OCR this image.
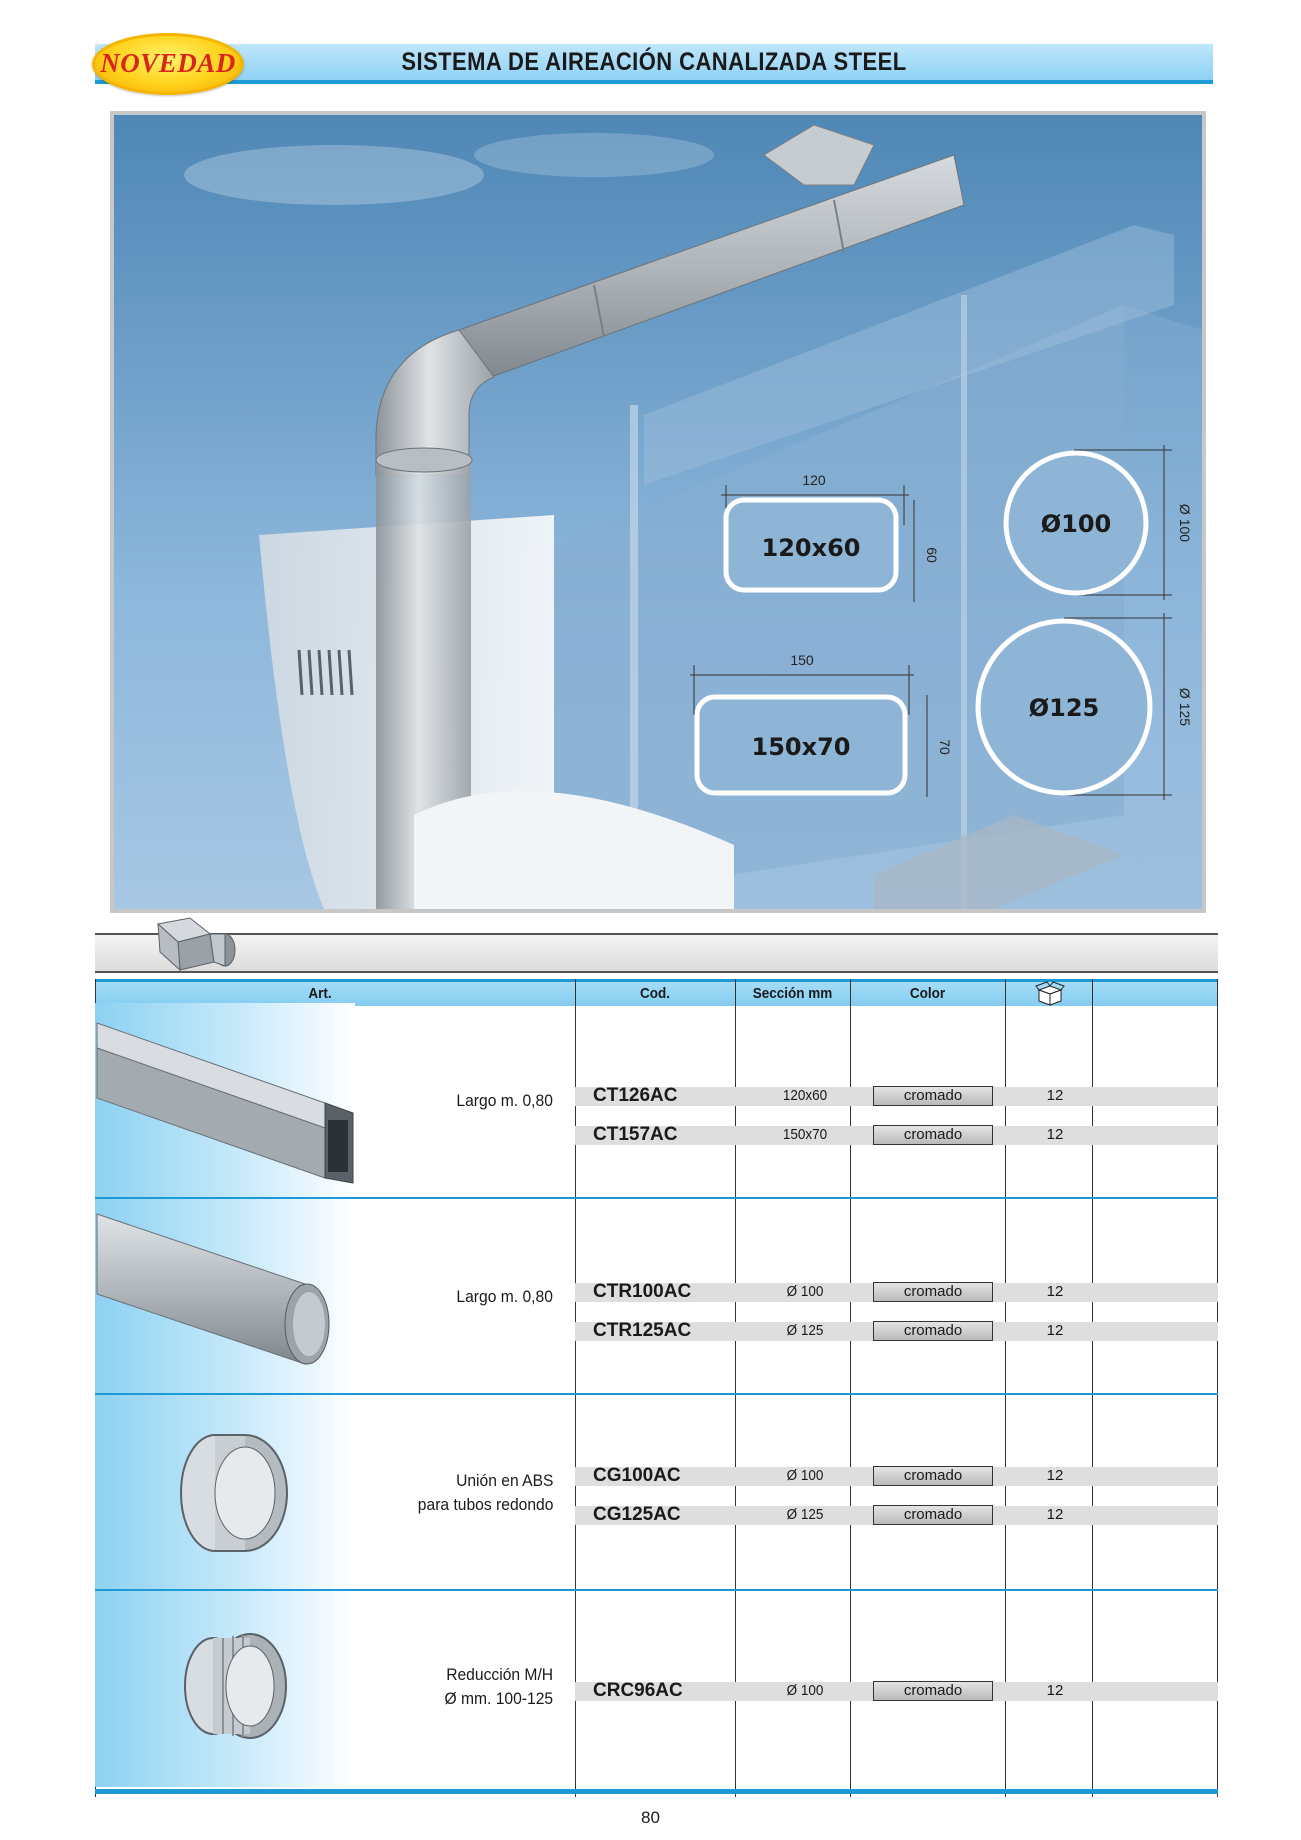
SISTEMA DE AIREACIÓN CANALIZADA STEEL
NOVEDAD
120
60
120x60
150
70
150x70
Ø 100
Ø100
Ø 125
Ø125
Art.	Cod.	Sección mm	Color
Largo m. 0,80 CT126AC	120x60	cromado	12
CT157AC	150x70	cromado	12
Largo m. 0,80 CTR100AC	Ø 100	cromado	12
CTR125AC	Ø 125	cromado	12
Unión en ABS
para tubos redondo
CG100AC	Ø 100	cromado	12
CG125AC	Ø 125	cromado	12
Reducción M/H
Ø mm. 100-125 CRC96AC	Ø 100	cromado	12
80
